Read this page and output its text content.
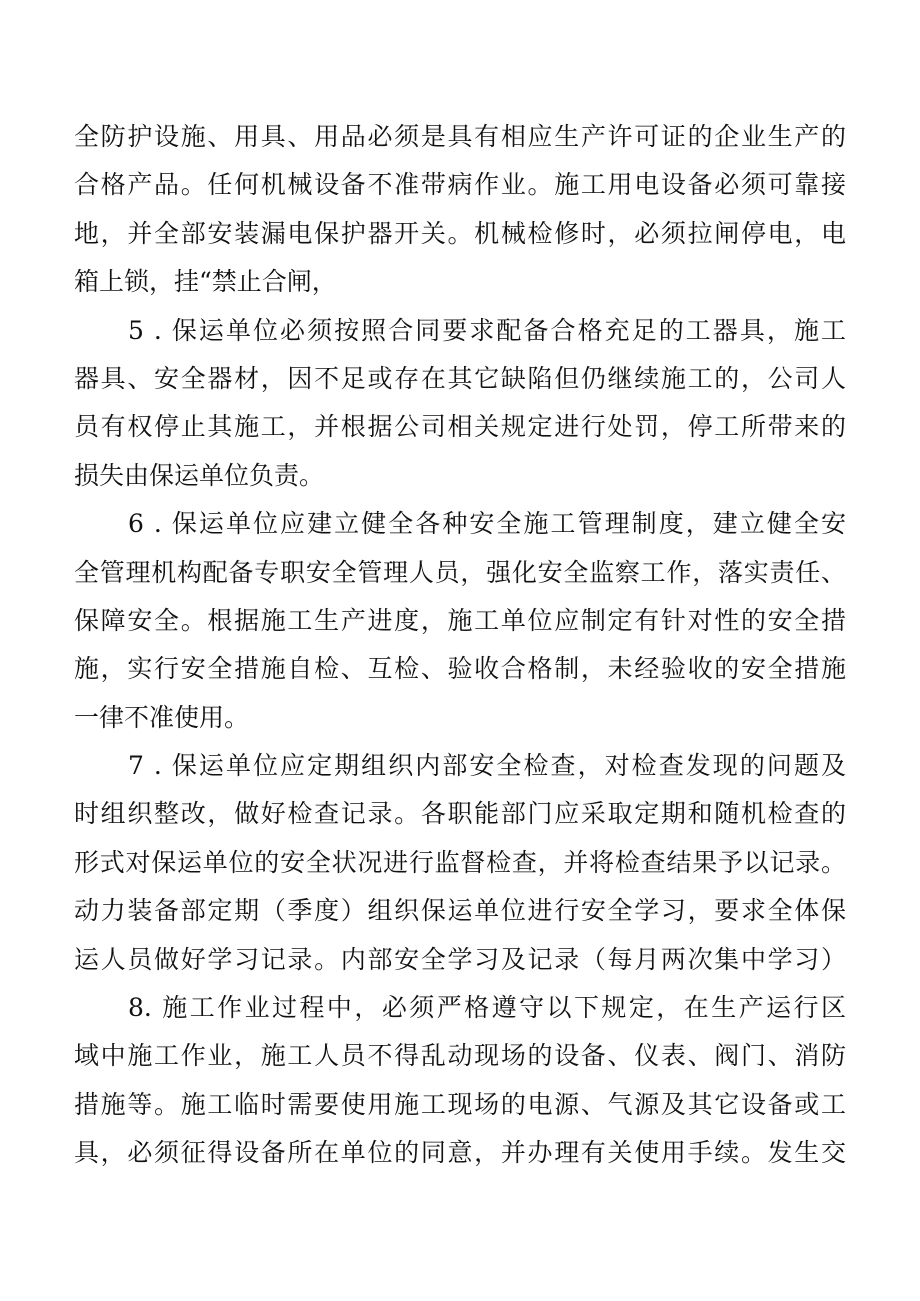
全防护设施、用具、用品必须是具有相应生产许可证的企业生产的
合格产品。任何机械设备不准带病作业。施工用电设备必须可靠接
地，并全部安装漏电保护器开关。机械检修时，必须拉闸停电，电
箱上锁，挂“禁止合闸，
5 . 保运单位必须按照合同要求配备合格充足的工器具，施工
器具、安全器材，因不足或存在其它缺陷但仍继续施工的，公司人
员有权停止其施工，并根据公司相关规定进行处罚，停工所带来的
损失由保运单位负责。
6 . 保运单位应建立健全各种安全施工管理制度，建立健全安
全管理机构配备专职安全管理人员，强化安全监察工作，落实责任、
保障安全。根据施工生产进度，施工单位应制定有针对性的安全措
施，实行安全措施自检、互检、验收合格制，未经验收的安全措施
一律不准使用。
7 . 保运单位应定期组织内部安全检查，对检查发现的问题及
时组织整改，做好检查记录。各职能部门应采取定期和随机检查的
形式对保运单位的安全状况进行监督检查，并将检查结果予以记录。
动力装备部定期（季度）组织保运单位进行安全学习，要求全体保
运人员做好学习记录。内部安全学习及记录（每月两次集中学习）
8. 施工作业过程中，必须严格遵守以下规定，在生产运行区
域中施工作业，施工人员不得乱动现场的设备、仪表、阀门、消防
措施等。施工临时需要使用施工现场的电源、气源及其它设备或工
具，必须征得设备所在单位的同意，并办理有关使用手续。发生交
